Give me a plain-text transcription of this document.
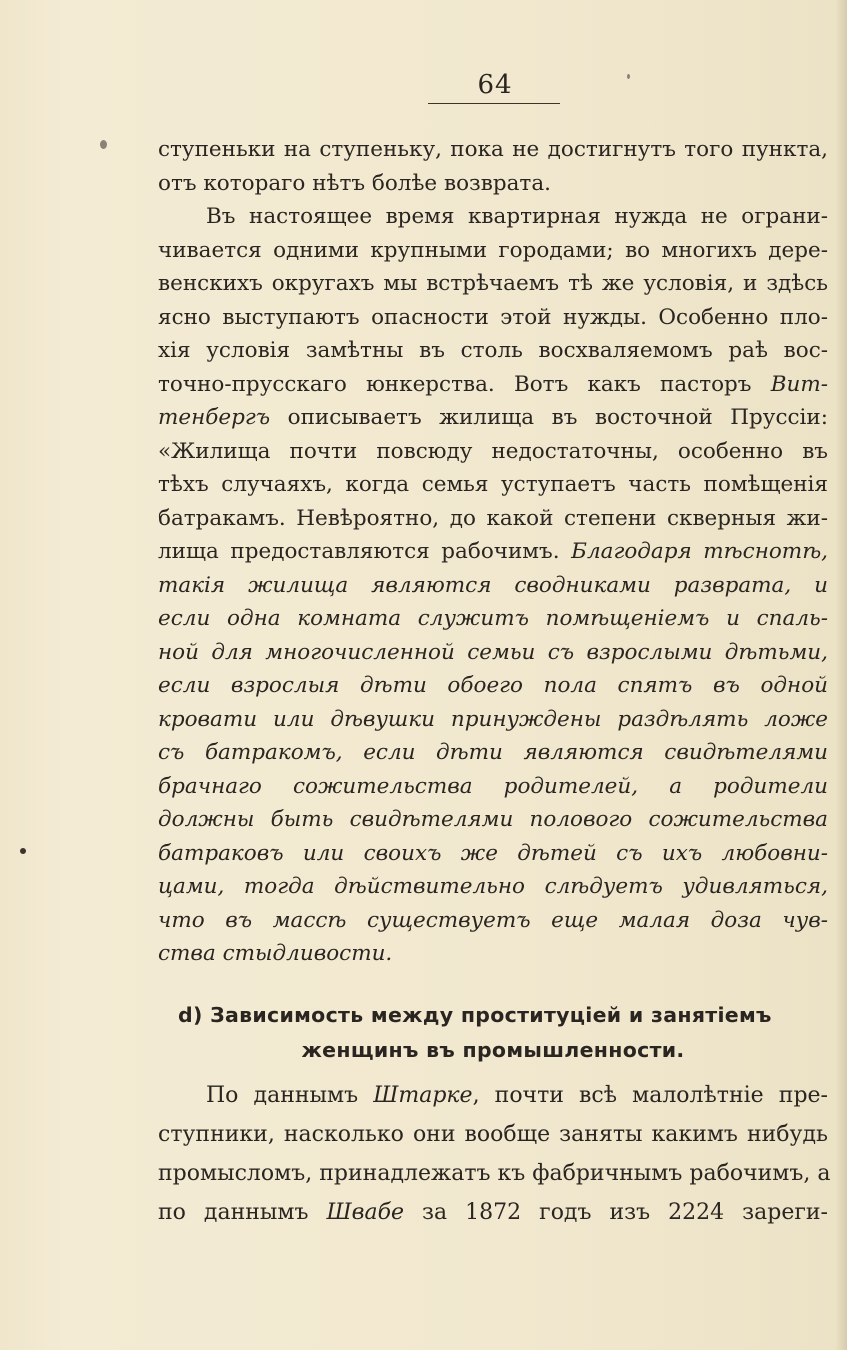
64
ступеньки на ступеньку, пока не достигнутъ того пункта,
отъ котораго нѣтъ болѣе возврата.
Въ настоящее время квартирная нужда не ограни-
чивается одними крупными городами; во многихъ дере-
венскихъ округахъ мы встрѣчаемъ тѣ же условія, и здѣсь
ясно выступаютъ опасности этой нужды. Особенно пло-
хія условія замѣтны въ столь восхваляемомъ раѣ вос-
точно-прусскаго юнкерства. Вотъ какъ пасторъ Вит-
тенбергъ описываетъ жилища въ восточной Пруссіи:
«Жилища почти повсюду недостаточны, особенно въ
тѣхъ случаяхъ, когда семья уступаетъ часть помѣщенія
батракамъ. Невѣроятно, до какой степени скверныя жи-
лища предоставляются рабочимъ. Благодаря тѣснотѣ,
такія жилища являются сводниками разврата, и
если одна комната служитъ помѣщеніемъ и спаль-
ной для многочисленной семьи съ взрослыми дѣтьми,
если взрослыя дѣти обоего пола спятъ въ одной
кровати или дѣвушки принуждены раздѣлять ложе
съ батракомъ, если дѣти являются свидѣтелями
брачнаго сожительства родителей, а родители
должны быть свидѣтелями полового сожительства
батраковъ или своихъ же дѣтей съ ихъ любовни-
цами, тогда дѣйствительно слѣдуетъ удивляться,
что въ массѣ существуетъ еще малая доза чув-
ства стыдливости.
d) Зависимость между проституціей и занятіемъ
женщинъ въ промышленности.
По даннымъ Штарке, почти всѣ малолѣтніе пре-
ступники, насколько они вообще заняты какимъ нибудь
промысломъ, принадлежатъ къ фабричнымъ рабочимъ, а
по даннымъ Швабе за 1872 годъ изъ 2224 зареги-
